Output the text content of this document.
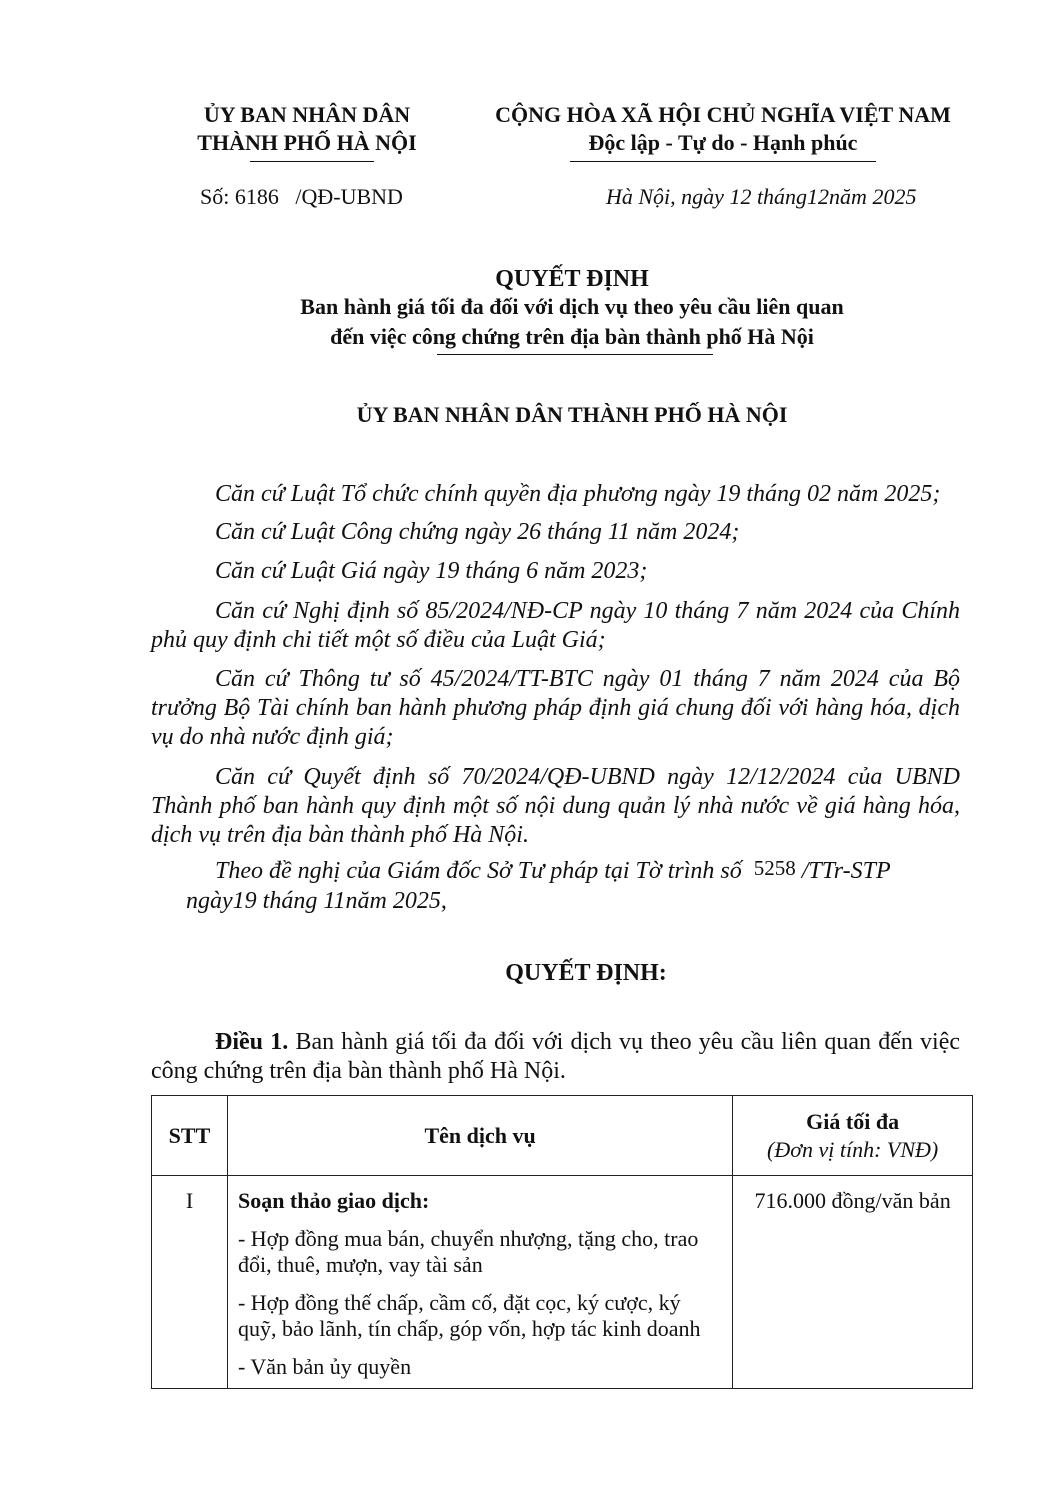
ỦY BAN NHÂN DÂN
THÀNH PHỐ HÀ NỘI
CỘNG HÒA XÃ HỘI CHỦ NGHĨA VIỆT NAM
Độc lập - Tự do - Hạnh phúc
Số: 6186 /QĐ-UBND	Hà Nội, ngày 12 tháng12năm 2025
QUYẾT ĐỊNH
Ban hành giá tối đa đối với dịch vụ theo yêu cầu liên quan
đến việc công chứng trên địa bàn thành phố Hà Nội
ỦY BAN NHÂN DÂN THÀNH PHỐ HÀ NỘI
Căn cứ Luật Tổ chức chính quyền địa phương ngày 19 tháng 02 năm 2025;
Căn cứ Luật Công chứng ngày 26 tháng 11 năm 2024;
Căn cứ Luật Giá ngày 19 tháng 6 năm 2023;
Căn cứ Nghị định số 85/2024/NĐ-CP ngày 10 tháng 7 năm 2024 của Chính phủ quy định chi tiết một số điều của Luật Giá;
Căn cứ Thông tư số 45/2024/TT-BTC ngày 01 tháng 7 năm 2024 của Bộ trưởng Bộ Tài chính ban hành phương pháp định giá chung đối với hàng hóa, dịch vụ do nhà nước định giá;
Căn cứ Quyết định số 70/2024/QĐ-UBND ngày 12/12/2024 của UBND Thành phố ban hành quy định một số nội dung quản lý nhà nước về giá hàng hóa, dịch vụ trên địa bàn thành phố Hà Nội.
Theo đề nghị của Giám đốc Sở Tư pháp tại Tờ trình số 5258 /TTr-STP
ngày19 tháng 11năm 2025,
QUYẾT ĐỊNH:
Điều 1. Ban hành giá tối đa đối với dịch vụ theo yêu cầu liên quan đến việc công chứng trên địa bàn thành phố Hà Nội.
STT	Tên dịch vụ	Giá tối đa
(Đơn vị tính: VNĐ)

I	Soạn thảo giao dịch:
- Hợp đồng mua bán, chuyển nhượng, tặng cho, trao đổi, thuê, mượn, vay tài sản
- Hợp đồng thế chấp, cầm cố, đặt cọc, ký cược, ký quỹ, bảo lãnh, tín chấp, góp vốn, hợp tác kinh doanh
- Văn bản ủy quyền	716.000 đồng/văn bản
